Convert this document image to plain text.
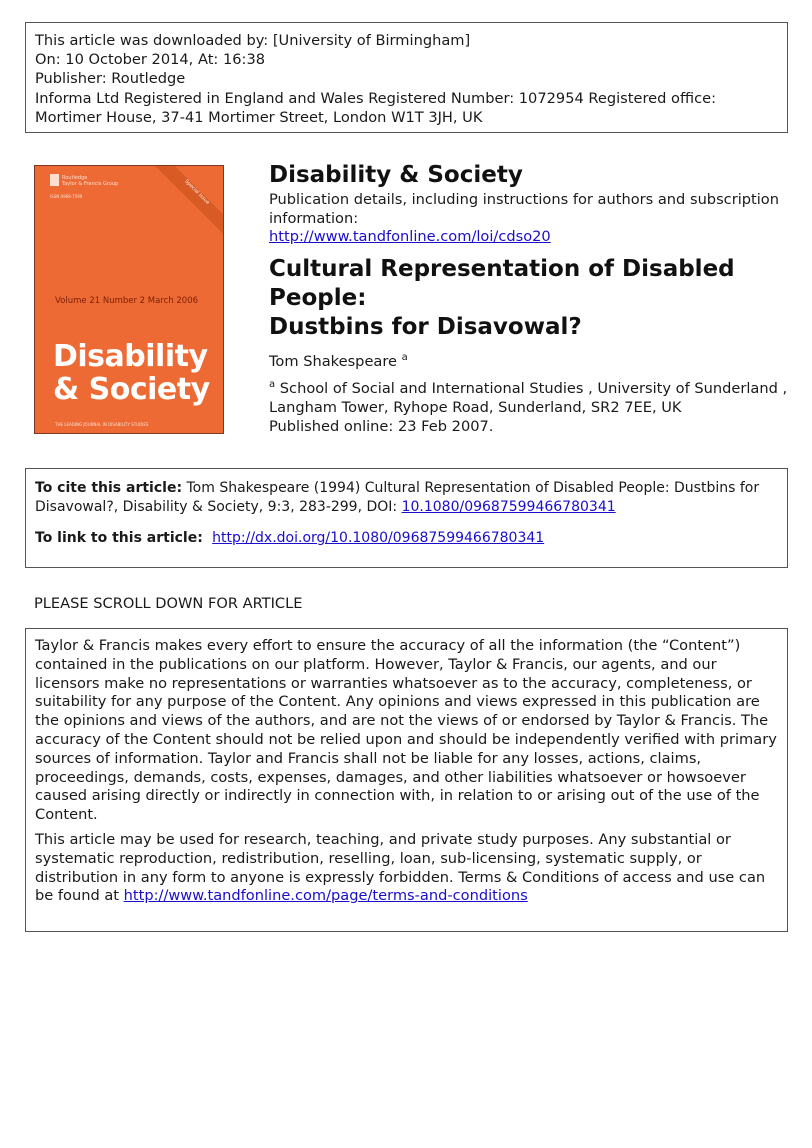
This article was downloaded by: [University of Birmingham]
On: 10 October 2014, At: 16:38
Publisher: Routledge
Informa Ltd Registered in England and Wales Registered Number: 1072954 Registered office:
Mortimer House, 37-41 Mortimer Street, London W1T 3JH, UK
Routledge
Taylor & Francis Group
ISSN 0968-7599	Special Issue
Volume 21 Number 2 March 2006
Disability
& Society
THE LEADING JOURNAL IN DISABILITY STUDIES
Disability & Society

Publication details, including instructions for authors and subscription
information:
http://www.tandfonline.com/loi/cdso20

Cultural Representation of Disabled People:
Dustbins for Disavowal?

Tom Shakespeare $^a$

$^a$ School of Social and International Studies , University of Sunderland ,
Langham Tower, Ryhope Road, Sunderland, SR2 7EE, UK

Published online: 23 Feb 2007.

To cite this article: Tom Shakespeare (1994) Cultural Representation of Disabled People: Dustbins for
Disavowal?, Disability & Society, 9:3, 283-299, DOI: 10.1080/09687599466780341

To link to this article:  http://dx.doi.org/10.1080/09687599466780341

PLEASE SCROLL DOWN FOR ARTICLE

Taylor & Francis makes every effort to ensure the accuracy of all the information (the “Content”) contained in the publications on our platform. However, Taylor & Francis, our agents, and our licensors make no representations or warranties whatsoever as to the accuracy, completeness, or suitability for any purpose of the Content. Any opinions and views expressed in this publication are the opinions and views of the authors, and are not the views of or endorsed by Taylor & Francis. The accuracy of the Content should not be relied upon and should be independently verified with primary sources of information. Taylor and Francis shall not be liable for any losses, actions, claims, proceedings, demands, costs, expenses, damages, and other liabilities whatsoever or howsoever caused arising directly or indirectly in connection with, in relation to or arising out of the use of the Content.

This article may be used for research, teaching, and private study purposes. Any substantial or systematic reproduction, redistribution, reselling, loan, sub-licensing, systematic supply, or distribution in any form to anyone is expressly forbidden. Terms & Conditions of access and use can be found at http://www.tandfonline.com/page/terms-and-conditions
